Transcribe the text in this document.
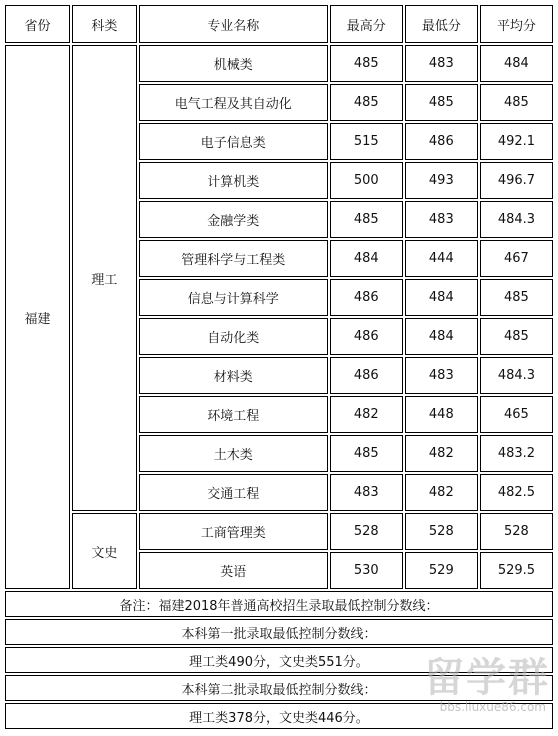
省份	科类	专业名称	最高分	最低分	平均分
福建	理工	机械类	485	483	484
		电气工程及其自动化	485	485	485
		电子信息类	515	486	492.1
		计算机类	500	493	496.7
		金融学类	485	483	484.3
		管理科学与工程类	484	444	467
		信息与计算科学	486	484	485
		自动化类	486	484	485
		材料类	486	483	484.3
		环境工程	482	448	465
		土木类	485	482	483.2
		交通工程	483	482	482.5
	文史	工商管理类	528	528	528
		英语	530	529	529.5
备注：福建2018年普通高校招生录取最低控制分数线：					
本科第一批录取最低控制分数线：					
理工类490分，文史类551分。					
本科第二批录取最低控制分数线：					
理工类378分，文史类446分。					
留学群
bbs.liuxue86.com
